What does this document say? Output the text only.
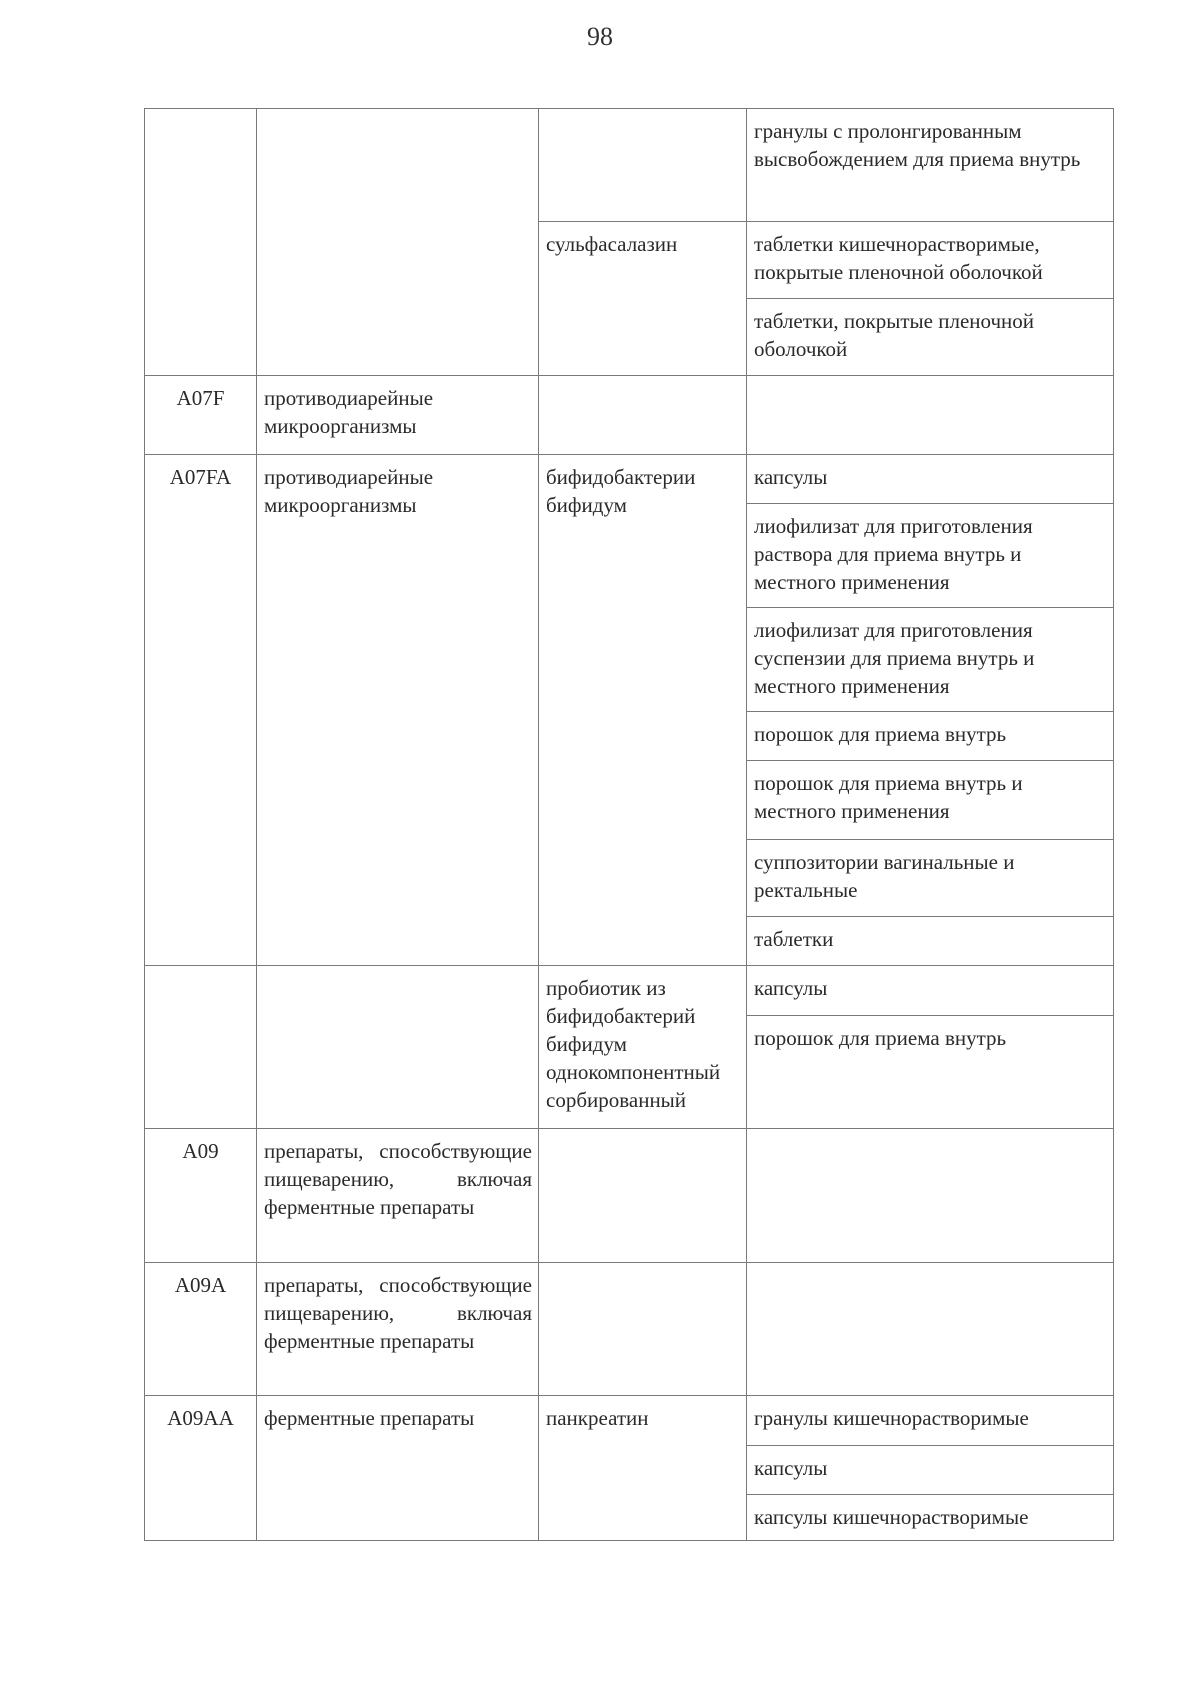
98
			гранулы с пролонгированным высвобождением для приема внутрь
		сульфасалазин	таблетки кишечнорастворимые, покрытые пленочной оболочкой
			таблетки, покрытые пленочной оболочкой
A07F	противодиарейные микроорганизмы		
A07FA	противодиарейные микроорганизмы	бифидобактерии бифидум	капсулы
			лиофилизат для приготовления раствора для приема внутрь и местного применения
			лиофилизат для приготовления суспензии для приема внутрь и местного применения
			порошок для приема внутрь
			порошок для приема внутрь и местного применения
			суппозитории вагинальные и ректальные
			таблетки
		пробиотик из бифидобактерий бифидум однокомпонентный сорбированный	капсулы
			порошок для приема внутрь
A09	препараты, способствующие пищеварению, включая ферментные препараты		
A09A	препараты, способствующие пищеварению, включая ферментные препараты		
A09AA	ферментные препараты	панкреатин	гранулы кишечнорастворимые
			капсулы
			капсулы кишечнорастворимые
